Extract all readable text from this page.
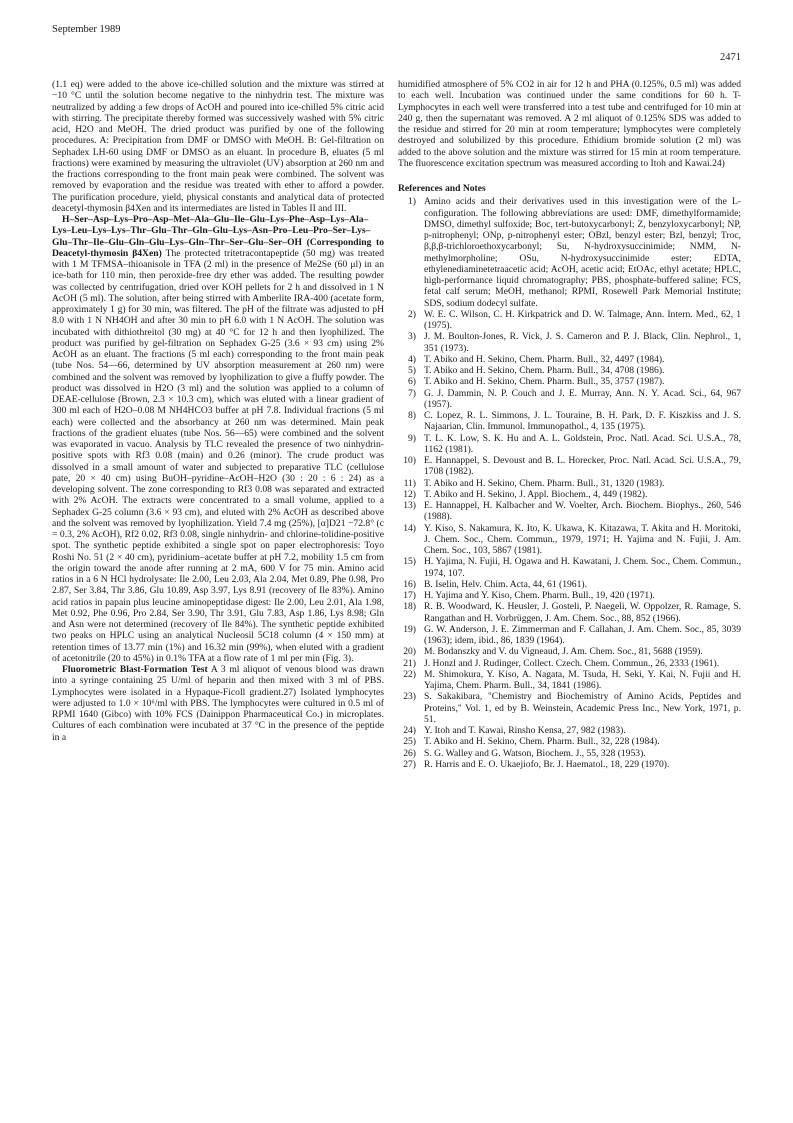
September 1989
2471

(1.1 eq) were added to the above ice-chilled solution and the mixture was stirred at −10 °C until the solution become negative to the ninhydrin test. The mixture was neutralized by adding a few drops of AcOH and poured into ice-chilled 5% citric acid with stirring. The precipitate thereby formed was successively washed with 5% citric acid, H2O and MeOH. The dried product was purified by one of the following procedures. A: Precipitation from DMF or DMSO with MeOH. B: Gel-filtration on Sephadex LH-60 using DMF or DMSO as an eluant. In procedure B, eluates (5 ml fractions) were examined by measuring the ultraviolet (UV) absorption at 260 nm and the fractions corresponding to the front main peak were combined. The solvent was removed by evaporation and the residue was treated with ether to afford a powder. The purification procedure, yield, physical constants and analytical data of protected deacetyl-thymosin β4Xen and its intermediates are listed in Tables II and III.

H–Ser–Asp–Lys–Pro–Asp–Met–Ala–Glu–Ile–Glu–Lys–Phe–Asp–Lys–Ala–Lys–Leu–Lys–Lys–Thr–Glu–Thr–Gln–Glu–Lys–Asn–Pro–Leu–Pro–Ser–Lys–Glu–Thr–Ile–Glu–Gln–Glu–Lys–Gln–Thr–Ser–Glu–Ser–OH (Corresponding to Deacetyl-thymosin β4Xen) The protected tritetracontapeptide (50 mg) was treated with 1 M TFMSA–thioanisole in TFA (2 ml) in the presence of Me2Se (60 μl) in an ice-bath for 110 min, then peroxide-free dry ether was added. The resulting powder was collected by centrifugation, dried over KOH pellets for 2 h and dissolved in 1 N AcOH (5 ml). The solution, after being stirred with Amberlite IRA-400 (acetate form, approximately 1 g) for 30 min, was filtered. The pH of the filtrate was adjusted to pH 8.0 with 1 N NH4OH and after 30 min to pH 6.0 with 1 N AcOH. The solution was incubated with dithiothreitol (30 mg) at 40 °C for 12 h and then lyophilized. The product was purified by gel-filtration on Sephadex G-25 (3.6 × 93 cm) using 2% AcOH as an eluant. The fractions (5 ml each) corresponding to the front main peak (tube Nos. 54—66, determined by UV absorption measurement at 260 nm) were combined and the solvent was removed by lyophilization to give a fluffy powder. The product was dissolved in H2O (3 ml) and the solution was applied to a column of DEAE-cellulose (Brown, 2.3 × 10.3 cm), which was eluted with a linear gradient of 300 ml each of H2O–0.08 M NH4HCO3 buffer at pH 7.8. Individual fractions (5 ml each) were collected and the absorbancy at 260 nm was determined. Main peak fractions of the gradient eluates (tube Nos. 56—65) were combined and the solvent was evaporated in vacuo. Analysis by TLC revealed the presence of two ninhydrin-positive spots with Rf3 0.08 (main) and 0.26 (minor). The crude product was dissolved in a small amount of water and subjected to preparative TLC (cellulose pate, 20 × 40 cm) using BuOH–pyridine–AcOH–H2O (30 : 20 : 6 : 24) as a developing solvent. The zone corresponding to Rf3 0.08 was separated and extracted with 2% AcOH. The extracts were concentrated to a small volume, applied to a Sephadex G-25 column (3.6 × 93 cm), and eluted with 2% AcOH as described above and the solvent was removed by lyophilization. Yield 7.4 mg (25%), [α]D21 −72.8° (c = 0.3, 2% AcOH), Rf2 0.02, Rf3 0.08, single ninhydrin- and chlorine-tolidine-positive spot. The synthetic peptide exhibited a single spot on paper electrophoresis: Toyo Roshi No. 51 (2 × 40 cm), pyridinium–acetate buffer at pH 7.2, mobility 1.5 cm from the origin toward the anode after running at 2 mA, 600 V for 75 min. Amino acid ratios in a 6 N HCl hydrolysate: Ile 2.00, Leu 2.03, Ala 2.04, Met 0.89, Phe 0.98, Pro 2.87, Ser 3.84, Thr 3.86, Glu 10.89, Asp 3.97, Lys 8.91 (recovery of Ile 83%). Amino acid ratios in papain plus leucine aminopeptidase digest: Ile 2.00, Leu 2.01, Ala 1.98, Met 0.92, Phe 0.96, Pro 2.84, Ser 3.90, Thr 3.91, Glu 7.83, Asp 1.86, Lys 8.98; Gln and Asn were not determined (recovery of Ile 84%). The synthetic peptide exhibited two peaks on HPLC using an analytical Nucleosil 5C18 column (4 × 150 mm) at retention times of 13.77 min (1%) and 16.32 min (99%), when eluted with a gradient of acetonitrile (20 to 45%) in 0.1% TFA at a flow rate of 1 ml per min (Fig. 3).

Fluorometric Blast-Formation Test A 3 ml aliquot of venous blood was drawn into a syringe containing 25 U/ml of heparin and then mixed with 3 ml of PBS. Lymphocytes were isolated in a Hypaque-Ficoll gradient.27) Isolated lymphocytes were adjusted to 1.0 × 10⁶/ml with PBS. The lymphocytes were cultured in 0.5 ml of RPMI 1640 (Gibco) with 10% FCS (Dainippon Pharmaceutical Co.) in microplates. Cultures of each combination were incubated at 37 °C in the presence of the peptide in a

humidified atmosphere of 5% CO2 in air for 12 h and PHA (0.125%, 0.5 ml) was added to each well. Incubation was continued under the same conditions for 60 h. T-Lymphocytes in each well were transferred into a test tube and centrifuged for 10 min at 240 g, then the supernatant was removed. A 2 ml aliquot of 0.125% SDS was added to the residue and stirred for 20 min at room temperature; lymphocytes were completely destroyed and solubilized by this procedure. Ethidium bromide solution (2 ml) was added to the above solution and the mixture was stirred for 15 min at room temperature. The fluorescence excitation spectrum was measured according to Itoh and Kawai.24)

References and Notes

1) Amino acids and their derivatives used in this investigation were of the L-configuration. The following abbreviations are used: DMF, dimethylformamide; DMSO, dimethyl sulfoxide; Boc, tert-butoxycarbonyl; Z, benzyloxycarbonyl; NP, p-nitrophenyl; ONp, p-nitrophenyl ester; OBzl, benzyl ester; Bzl, benzyl; Troc, β,β,β-trichloroethoxycarbonyl; Su, N-hydroxysuccinimide; NMM, N-methylmorpholine; OSu, N-hydroxysuccinimide ester; EDTA, ethylenediaminetetraacetic acid; AcOH, acetic acid; EtOAc, ethyl acetate; HPLC, high-performance liquid chromatography; PBS, phosphate-buffered saline; FCS, fetal calf serum; MeOH, methanol; RPMI, Rosewell Park Memorial Institute; SDS, sodium dodecyl sulfate.
2) W. E. C. Wilson, C. H. Kirkpatrick and D. W. Talmage, Ann. Intern. Med., 62, 1 (1975).
3) J. M. Boulton-Jones, R. Vick, J. S. Cameron and P. J. Black, Clin. Nephrol., 1, 351 (1973).
4) T. Abiko and H. Sekino, Chem. Pharm. Bull., 32, 4497 (1984).
5) T. Abiko and H. Sekino, Chem. Pharm. Bull., 34, 4708 (1986).
6) T. Abiko and H. Sekino, Chem. Pharm. Bull., 35, 3757 (1987).
7) G. J. Dammin, N. P. Couch and J. E. Murray, Ann. N. Y. Acad. Sci., 64, 967 (1957).
8) C. Lopez, R. L. Simmons, J. L. Touraine, B. H. Park, D. F. Kiszkiss and J. S. Najaarian, Clin. Immunol. Immunopathol., 4, 135 (1975).
9) T. L. K. Low, S. K. Hu and A. L. Goldstein, Proc. Natl. Acad. Sci. U.S.A., 78, 1162 (1981).
10) E. Hannappel, S. Devoust and B. L. Horecker, Proc. Natl. Acad. Sci. U.S.A., 79, 1708 (1982).
11) T. Abiko and H. Sekino, Chem. Pharm. Bull., 31, 1320 (1983).
12) T. Abiko and H. Sekino, J. Appl. Biochem., 4, 449 (1982).
13) E. Hannappel, H. Kalbacher and W. Voelter, Arch. Biochem. Biophys., 260, 546 (1988).
14) Y. Kiso, S. Nakamura, K. Ito, K. Ukawa, K. Kitazawa, T. Akita and H. Moritoki, J. Chem. Soc., Chem. Commun., 1979, 1971; H. Yajima and N. Fujii, J. Am. Chem. Soc., 103, 5867 (1981).
15) H. Yajima, N. Fujii, H. Ogawa and H. Kawatani, J. Chem. Soc., Chem. Commun., 1974, 107.
16) B. Iselin, Helv. Chim. Acta, 44, 61 (1961).
17) H. Yajima and Y. Kiso, Chem. Pharm. Bull., 19, 420 (1971).
18) R. B. Woodward, K. Heusler, J. Gosteli, P. Naegeli, W. Oppolzer, R. Ramage, S. Rangathan and H. Vorbrüggen, J. Am. Chem. Soc., 88, 852 (1966).
19) G. W. Anderson, J. E. Zimmerman and F. Callahan, J. Am. Chem. Soc., 85, 3039 (1963); idem, ibid., 86, 1839 (1964).
20) M. Bodanszky and V. du Vigneaud, J. Am. Chem. Soc., 81, 5688 (1959).
21) J. Honzl and J. Rudinger, Collect. Czech. Chem. Commun., 26, 2333 (1961).
22) M. Shimokura, Y. Kiso, A. Nagata, M. Tsuda, H. Seki, Y. Kai, N. Fujii and H. Yajima, Chem. Pharm. Bull., 34, 1841 (1986).
23) S. Sakakibara, "Chemistry and Biochemistry of Amino Acids, Peptides and Proteins," Vol. 1, ed by B. Weinstein, Academic Press Inc., New York, 1971, p. 51.
24) Y. Itoh and T. Kawai, Rinsho Kensa, 27, 982 (1983).
25) T. Abiko and H. Sekino, Chem. Pharm. Bull., 32, 228 (1984).
26) S. G. Walley and G. Watson, Biochem. J., 55, 328 (1953).
27) R. Harris and E. O. Ukaejiofo, Br. J. Haematol., 18, 229 (1970).
